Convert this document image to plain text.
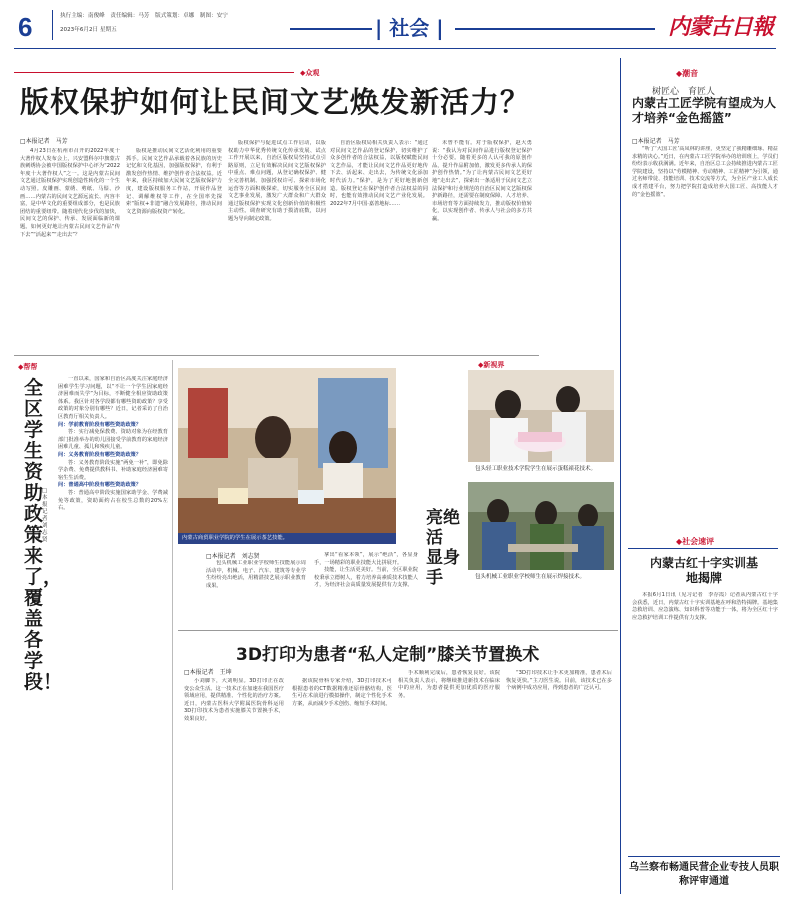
6	执行主编：南俊峰　责任编辑：马芳　版式策划：卓娜　制图：安宁
2023年6月2日 星期五	| 社会 |	内蒙古日報
◆众观
版权保护如何让民间文艺焕发新活力？
□本报记者　马芳

4月23日在杭州市召开的2022年度十大著作权人发布会上，兴安盟科尔中旗蒙古族刺绣协会被中国版权保护中心评为“2022年度十大著作权人”之一。这是内蒙古民间文艺通过版权保护实现创造性转化的一个生动写照。皮雕画、蒙绣、剪纸、马鬃、沙画……内蒙古的民间文艺源远流长、内容丰富，是中华文化的重要组成部分，也是民族团结的重要纽带。随着现代化步伐的加快，民间文艺的保护、传承、发展面临新的课题。如何更好地让内蒙古民间文艺作品“传下去”“活起来”“走出去”？

版权是推动民间文艺活化利用的重要抓手。民间文艺作品承载着各民族的历史记忆和文化基因，加强版权保护，有利于激发创作热情、维护创作者合法权益。近年来，我区持续加大民间文艺版权保护力度，建设版权服务工作站，开展作品登记、调解维权等工作，在全国率先探索“版权+非遗”融合发展路径，推动民间文艺资源向版权资产转化。

版权保护与促进试点工作启动，以版权助力中华优秀传统文化传承发展、试点工作开展以来，自治区版权局坚持试点引路原则，立足有效解决民间文艺版权保护中重点、难点问题，从登记确权保护、健全完善机制、加强授权许可、探索市场化运营等方面积极探索，切实服务全区民间文艺事业发展，激发广大群众和广大群众通过版权保护实现文化创新价值的积极性主动性。调查研究有助于摸清底数，以问题为导向制定政策。

自治区版权局相关负责人表示：“通过对民间文艺作品的登记保护，切实维护了众多创作者的合法权益，以版权赋能民间文艺作品，才能让民间文艺作品更好地传下去、活起来、走出去，为传统文化添加时代活力。”保护，是为了更好地创新创造。版权登记在保护创作者合法权益的同时，也能有效推动民间文艺产业化发展。2022年7月中国·嘉善地标……

未曾不能有。对于版权保护，赵大勇说：“我认为对民间作品进行版权登记保护十分必要。随着更多的人认可我的原创作品，提升作品附加值，激发更多传承人的保护创作热情。”为了让内蒙古民间文艺更好地“走出去”，探索出一条适用于民间文艺立法保护和行业规范的自治区民间文艺版权保护新路径，还需要在制度保障、人才培养、市场培育等方面持续发力，推动版权价值转化，以实现创作者、传承人与社会的多方共赢。

◆帮帮
全区学生资助政策来了，覆盖各学段！
□本报记者　刘志贤

一直以来，国家和自治区高度关注家庭经济困难学生学习问题，以“不让一个学生因家庭经济困难而失学”为目标，不断健全相应资助政策体系。我区针对各学段都有哪些资助政策？享受政策的对象分别有哪些？近日，记者采访了自治区教育厅相关负责人。

问：学前教育阶段有哪些资助政策？

答：实行减免保教费、资助对象为在经教育部门批准举办的幼儿园接受学前教育的家庭经济困难儿童、孤儿和残疾儿童。

问：义务教育阶段有哪些资助政策？

答：义务教育阶段实施“两免一补”，即免除学杂费、免费提供教科书、补助家庭经济困难寄宿生生活费。

问：普通高中阶段有哪些资助政策？

答：普通高中阶段实施国家助学金、学费减免等政策，资助面约占在校生总数的20%左右。

◆新视界
内蒙古商贸职业学院的学生在展示茶艺技能。
包头轻工职业技术学院学生在展示蛋糕裱花技术。
包头机械工业职业学校师生在展示焊接技术。
亮绝活　显身手
□本报记者　刘志贤

包头机械工业职业学校师生技能展示周活动中，机械、电子、汽车、建筑等专业学生纷纷亮出绝活，用精湛技艺展示职业教育成果。

拿出“看家本领”，展示“绝活”，各显身手，一场精彩的职业技能大比拼展开。

技能，让生活更美好。当前，全区职业院校秉承立德树人，着力培养高素质技术技能人才，为经济社会高质量发展提供有力支撑。

3D打印为患者“私人定制”膝关节置换术
□本报记者　王坤

小刘脚下，大刘明显。3D打印正在改变公众生活。这一技术正在加速在我国医疗领域应用，提供精准、个性化的治疗方案。近日，内蒙古医科大学附属医院骨科运用3D打印技术为患者实施膝关节置换手术，效果良好。

据该院骨科专家介绍，3D打印技术可根据患者的CT数据精准还原骨骼结构，医生可在术前进行模拟操作，制定个性化手术方案，从而减少手术创伤、缩短手术时间。

手术顺利完成后，患者恢复良好。该院相关负责人表示，将继续推进新技术在临床中的应用，为患者提供更加优质的医疗服务。

“3D打印技术让手术更加精准，患者术后恢复更快。”主刀医生说。目前，该技术已在多个病例中成功应用，得到患者的广泛认可。

◆潮音
树匠心　育匠人
内蒙古工匠学院有望成为人才培养“金色摇篮”
□本报记者　马芳

“听了‘大国工匠’高凤林的讲座，更坚定了我精雕细琢、精益求精的决心。”近日，在内蒙古工匠学院举办的培训班上，学员们纷纷表示收获满满。近年来，自治区总工会持续推进内蒙古工匠学院建设，坚持以“劳模精神、劳动精神、工匠精神”为引领，通过名师带徒、技能培训、技术交流等方式，为全区产业工人成长成才搭建平台，努力把学院打造成培养大国工匠、高技能人才的“金色摇篮”。

◆社会速评
内蒙古红十字实训基地揭牌

本报6月1日讯（见习记者　李存霞）记者从内蒙古红十字会获悉，近日，内蒙古红十字实训基地在呼和浩特揭牌。基地集急救培训、应急演练、知识科普等功能于一体，将为全区红十字应急救护培训工作提供有力支撑。

乌兰察布畅通民营企业专技人员职称评审通道
